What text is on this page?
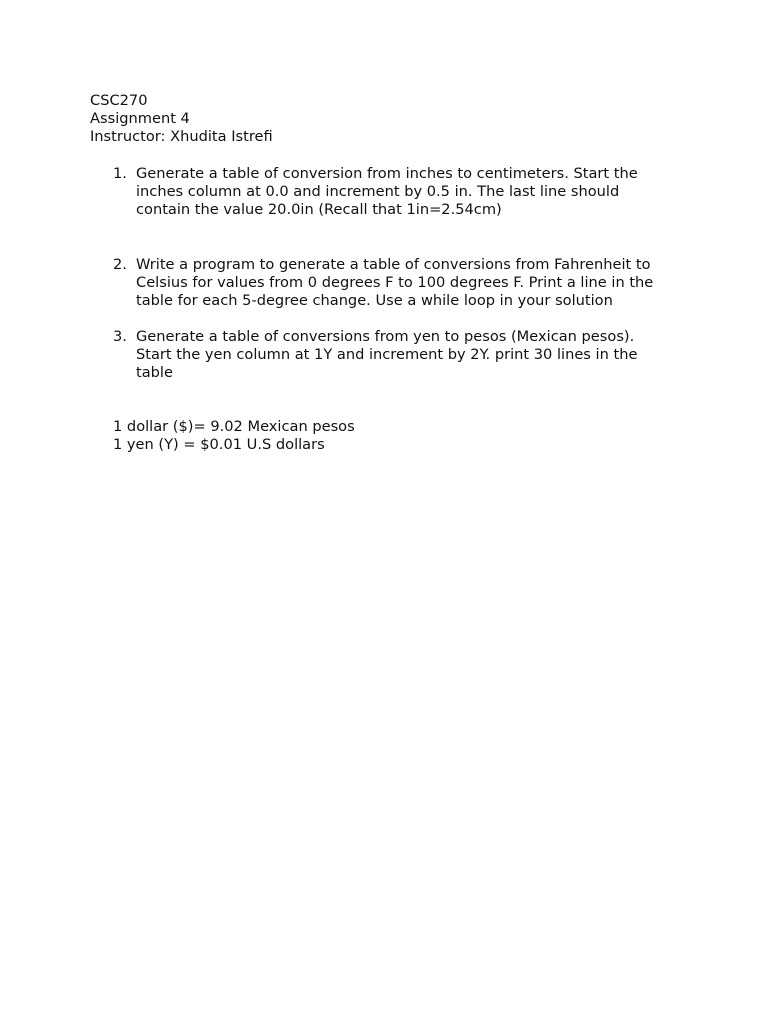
CSC270
Assignment 4
Instructor: Xhudita Istrefi
1. Generate a table of conversion from inches to centimeters. Start the
inches column at 0.0 and increment by 0.5 in. The last line should
contain the value 20.0in (Recall that 1in=2.54cm)
2. Write a program to generate a table of conversions from Fahrenheit to
Celsius for values from 0 degrees F to 100 degrees F. Print a line in the
table for each 5-degree change. Use a while loop in your solution
3. Generate a table of conversions from yen to pesos (Mexican pesos).
Start the yen column at 1Y and increment by 2Y. print 30 lines in the
table
1 dollar ($)= 9.02 Mexican pesos
1 yen (Y) = $0.01 U.S dollars
